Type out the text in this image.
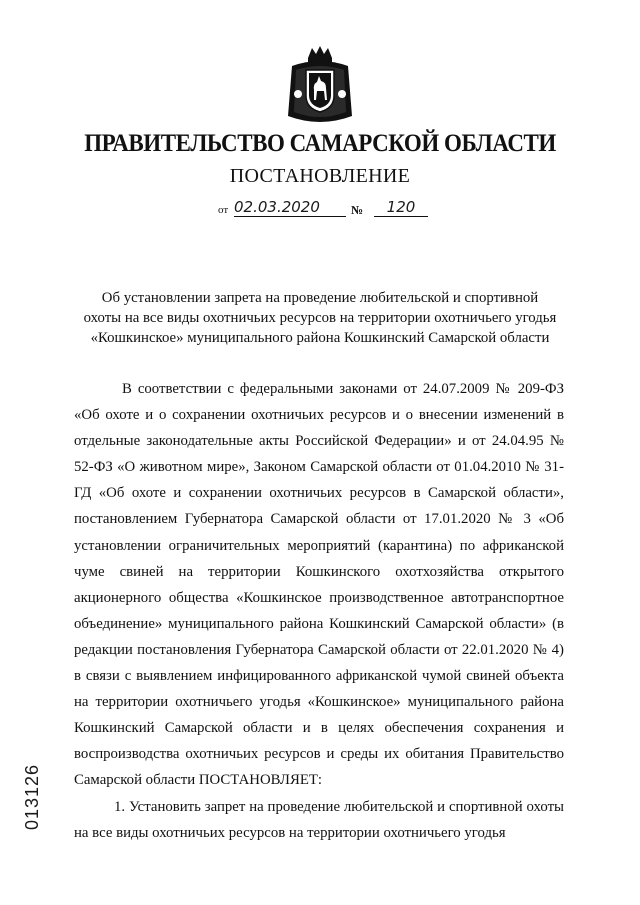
ПРАВИТЕЛЬСТВО САМАРСКОЙ ОБЛАСТИ
ПОСТАНОВЛЕНИЕ
от 02.03.2020	№	120
Об установлении запрета на проведение любительской и спортивной
охоты на все виды охотничьих ресурсов на территории охотничьего угодья
«Кошкинское» муниципального района Кошкинский Самарской области

В соответствии с федеральными законами от 24.07.2009 № 209-ФЗ «Об охоте и о сохранении охотничьих ресурсов и о внесении изменений в отдельные законодательные акты Российской Федерации» и от 24.04.95 № 52-ФЗ «О животном мире», Законом Самарской области от 01.04.2010 № 31-ГД «Об охоте и сохранении охотничьих ресурсов в Самарской области», постановлением Губернатора Самарской области от 17.01.2020 № 3 «Об установлении ограничительных мероприятий (карантина) по африканской чуме свиней на территории Кошкинского охотхозяйства открытого акционерного общества «Кошкинское производственное автотранспортное объединение» муниципального района Кошкинский Самарской области» (в редакции постановления Губернатора Самарской области от 22.01.2020 № 4) в связи с выявлением инфицированного африканской чумой свиней объекта на территории охотничьего угодья «Кошкинское» муниципального района Кошкинский Самарской области и в целях обеспечения сохранения и воспроизводства охотничьих ресурсов и среды их обитания Правительство Самарской области ПОСТАНОВЛЯЕТ:

1. Установить запрет на проведение любительской и спортивной охоты на все виды охотничьих ресурсов на территории охотничьего угодья

013126
